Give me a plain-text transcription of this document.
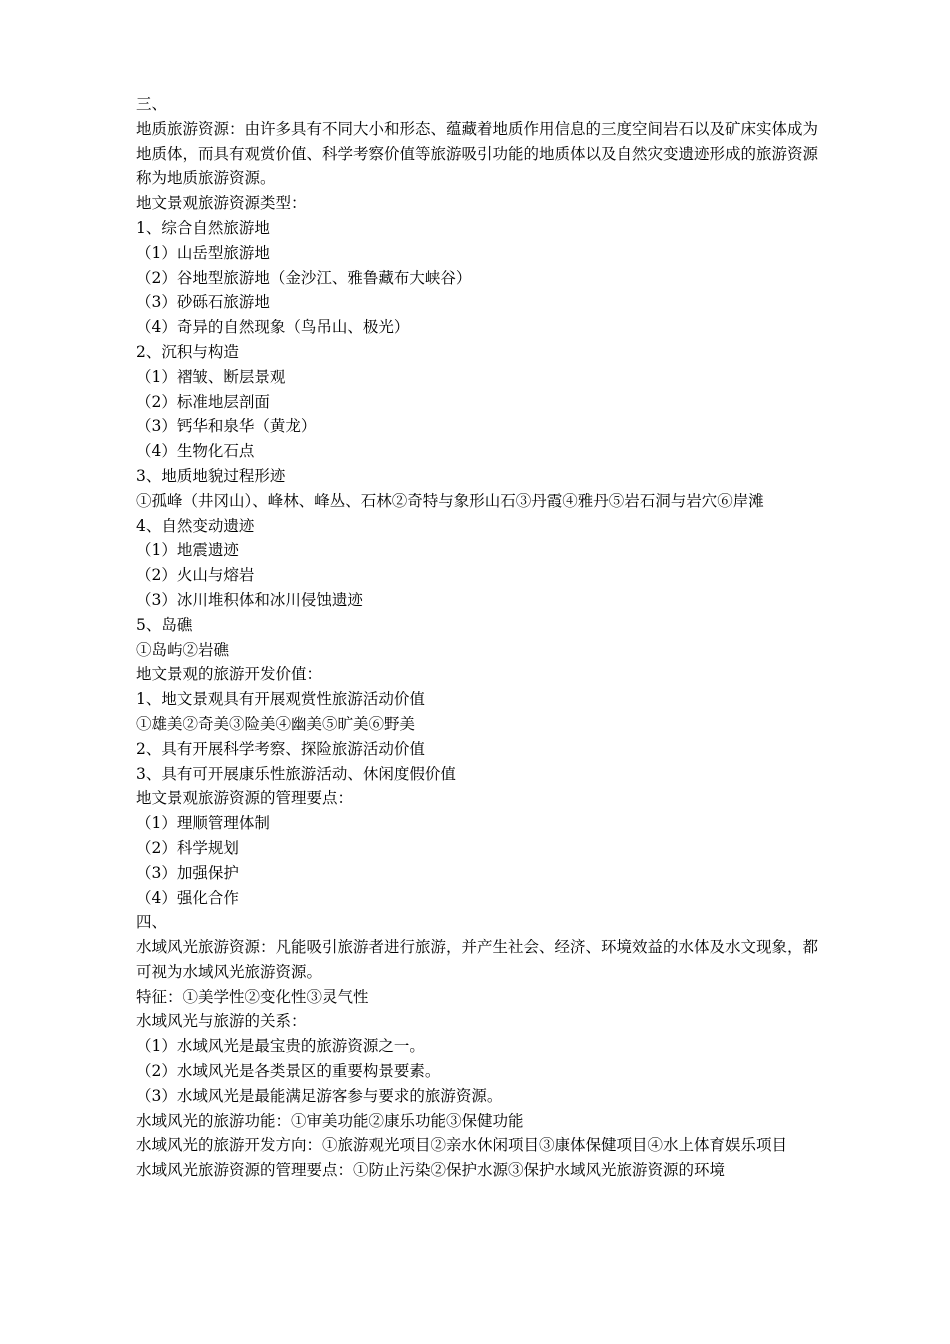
三、

地质旅游资源：由许多具有不同大小和形态、蕴藏着地质作用信息的三度空间岩石以及矿床实体成为地质体，而具有观赏价值、科学考察价值等旅游吸引功能的地质体以及自然灾变遗迹形成的旅游资源称为地质旅游资源。

地文景观旅游资源类型：

1、综合自然旅游地

（1）山岳型旅游地

（2）谷地型旅游地（金沙江、雅鲁藏布大峡谷）

（3）砂砾石旅游地

（4）奇异的自然现象（鸟吊山、极光）

2、沉积与构造

（1）褶皱、断层景观

（2）标准地层剖面

（3）钙华和泉华（黄龙）

（4）生物化石点

3、地质地貌过程形迹

①孤峰（井冈山）、峰林、峰丛、石林②奇特与象形山石③丹霞④雅丹⑤岩石洞与岩穴⑥岸滩

4、自然变动遗迹

（1）地震遗迹

（2）火山与熔岩

（3）冰川堆积体和冰川侵蚀遗迹

5、岛礁

①岛屿②岩礁

地文景观的旅游开发价值：

1、地文景观具有开展观赏性旅游活动价值

①雄美②奇美③险美④幽美⑤旷美⑥野美

2、具有开展科学考察、探险旅游活动价值

3、具有可开展康乐性旅游活动、休闲度假价值

地文景观旅游资源的管理要点：

（1）理顺管理体制

（2）科学规划

（3）加强保护

（4）强化合作

四、

水域风光旅游资源：凡能吸引旅游者进行旅游，并产生社会、经济、环境效益的水体及水文现象，都可视为水域风光旅游资源。

特征：①美学性②变化性③灵气性

水域风光与旅游的关系：

（1）水域风光是最宝贵的旅游资源之一。

（2）水域风光是各类景区的重要构景要素。

（3）水域风光是最能满足游客参与要求的旅游资源。

水域风光的旅游功能：①审美功能②康乐功能③保健功能

水域风光的旅游开发方向：①旅游观光项目②亲水休闲项目③康体保健项目④水上体育娱乐项目

水域风光旅游资源的管理要点：①防止污染②保护水源③保护水域风光旅游资源的环境
